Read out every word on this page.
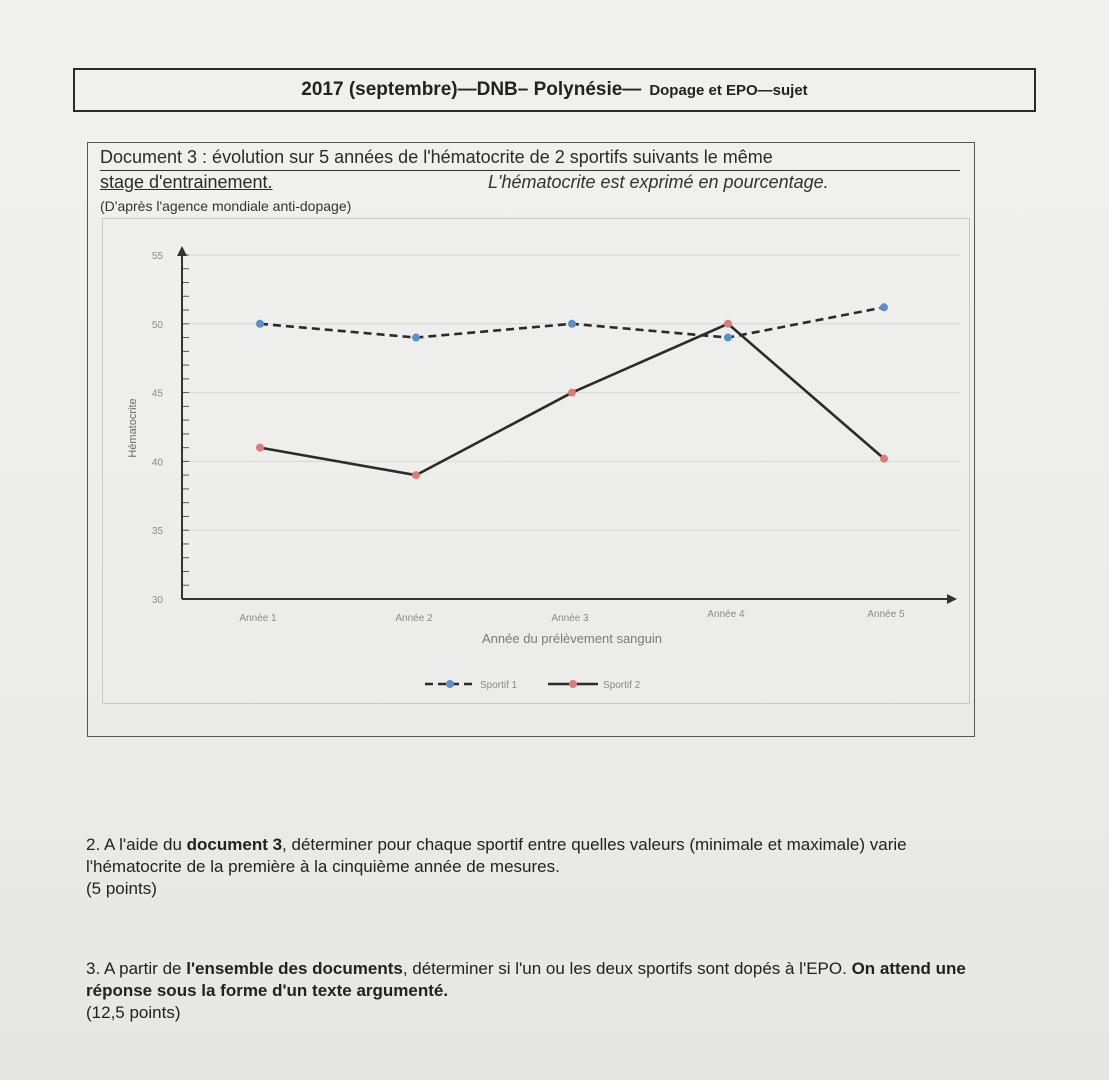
2017 (septembre)—DNB– Polynésie— Dopage et EPO—sujet
Document 3 : évolution sur 5 années de l'hématocrite de 2 sportifs suivants le même
stage d'entrainement.	L'hématocrite est exprimé en pourcentage.
(D'après l'agence mondiale anti-dopage)
Hématocrite
Année du prélèvement sanguin
30
35
40
45
50
55
Année 1	Année 2	Année 3	Année 4	Année 5
Sportif 1	Sportif 2
2. A l'aide du document 3, déterminer pour chaque sportif entre quelles valeurs (minimale et maximale) varie l'hématocrite de la première à la cinquième année de mesures.
(5 points)
3. A partir de l'ensemble des documents, déterminer si l'un ou les deux sportifs sont dopés à l'EPO. On attend une réponse sous la forme d'un texte argumenté.
(12,5 points)
